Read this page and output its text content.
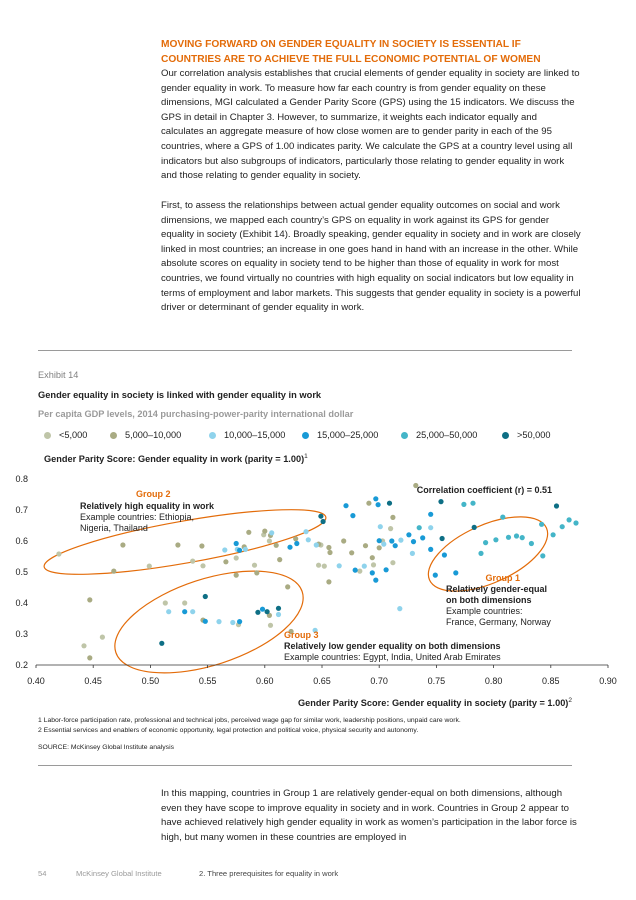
MOVING FORWARD ON GENDER EQUALITY IN SOCIETY IS ESSENTIAL IF COUNTRIES ARE TO ACHIEVE THE FULL ECONOMIC POTENTIAL OF WOMEN

Our correlation analysis establishes that crucial elements of gender equality in society are linked to gender equality in work. To measure how far each country is from gender equality on these dimensions, MGI calculated a Gender Parity Score (GPS) using the 15 indicators. We discuss the GPS in detail in Chapter 3. However, to summarize, it weights each indicator equally and calculates an aggregate measure of how close women are to gender parity in each of the 95 countries, where a GPS of 1.00 indicates parity. We calculate the GPS at a country level using all indicators but also subgroups of indicators, particularly those relating to gender equality in work and those relating to gender equality in society.

First, to assess the relationships between actual gender equality outcomes on social and work dimensions, we mapped each country’s GPS on equality in work against its GPS for gender equality in society (Exhibit 14). Broadly speaking, gender equality in society and in work are closely linked in most countries; an increase in one goes hand in hand with an increase in the other. While absolute scores on equality in society tend to be higher than those of equality in work for most countries, we found virtually no countries with high equality on social indicators but low equality in terms of employment and labor markets. This suggests that gender equality in society is a powerful driver or determinant of gender equality in work.

Exhibit 14
Gender equality in society is linked with gender equality in work
Per capita GDP levels, 2014 purchasing-power-parity international dollar
<5,000	5,000–10,000	10,000–15,000	15,000–25,000	25,000–50,000	>50,000
Gender Parity Score: Gender equality in work (parity = 1.00)$^1$
0.40	0.45	0.50	0.55	0.60	0.65	0.70	0.75	0.80	0.85	0.90
0.2
0.3
0.4
0.5
0.6
0.7
0.8
Correlation coefficient (r) = 0.51
Group 2
Relatively high equality in work
Example countries: Ethiopia,
Nigeria, Thailand
Group 1
Relatively gender-equal
on both dimensions
Example countries:
France, Germany, Norway
Group 3
Relatively low gender equality on both dimensions
Example countries: Egypt, India, United Arab Emirates
Gender Parity Score: Gender equality in society (parity = 1.00)$^2$
1 Labor-force participation rate, professional and technical jobs, perceived wage gap for similar work, leadership positions, unpaid care work.
2 Essential services and enablers of economic opportunity, legal protection and political voice, physical security and autonomy.
SOURCE: McKinsey Global Institute analysis

In this mapping, countries in Group 1 are relatively gender-equal on both dimensions, although even they have scope to improve equality in society and in work. Countries in Group 2 appear to have achieved relatively high gender equality in work as women’s participation in the labor force is high, but many women in these countries are employed in

54	McKinsey Global Institute	2. Three prerequisites for equality in work
